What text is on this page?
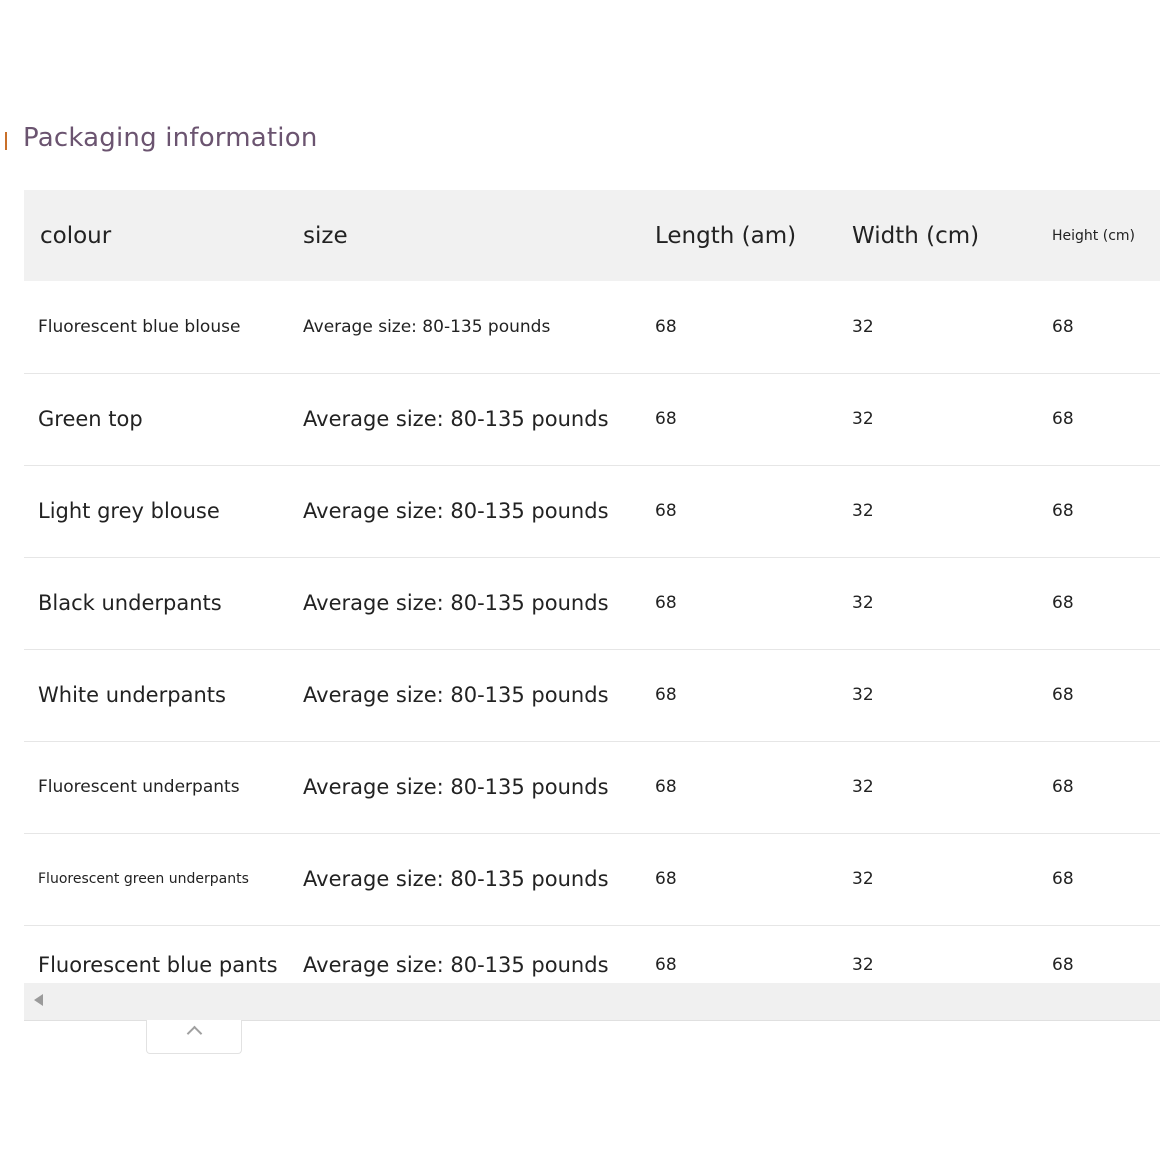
Packaging information
colour	size	Length (am)	Width (cm)	Height (cm)
Fluorescent blue blouse	Average size: 80-135 pounds	68	32	68
Green top	Average size: 80-135 pounds	68	32	68
Light grey blouse	Average size: 80-135 pounds	68	32	68
Black underpants	Average size: 80-135 pounds	68	32	68
White underpants	Average size: 80-135 pounds	68	32	68
Fluorescent underpants	Average size: 80-135 pounds	68	32	68
Fluorescent green underpants	Average size: 80-135 pounds	68	32	68
Fluorescent blue pants	Average size: 80-135 pounds	68	32	68
